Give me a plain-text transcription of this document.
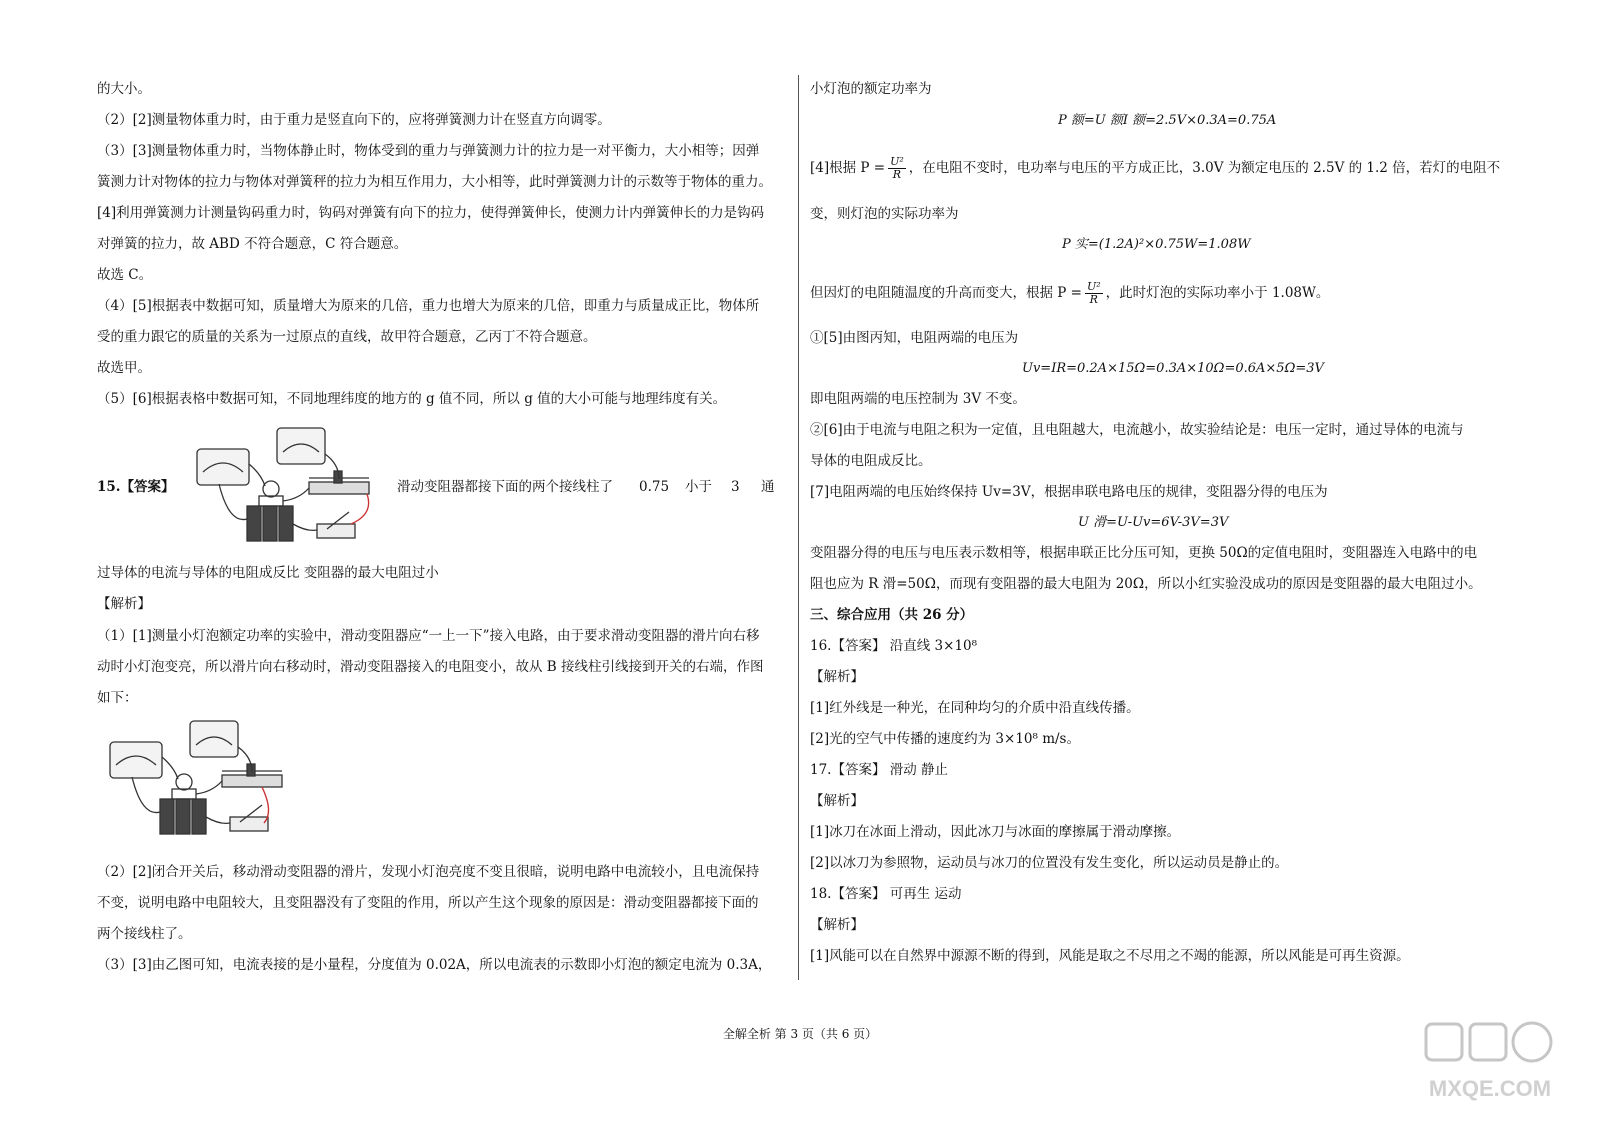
的大小。
（2）[2]测量物体重力时，由于重力是竖直向下的，应将弹簧测力计在竖直方向调零。
（3）[3]测量物体重力时，当物体静止时，物体受到的重力与弹簧测力计的拉力是一对平衡力，大小相等；因弹
簧测力计对物体的拉力与物体对弹簧秤的拉力为相互作用力，大小相等，此时弹簧测力计的示数等于物体的重力。
[4]利用弹簧测力计测量钩码重力时，钩码对弹簧有向下的拉力，使得弹簧伸长，使测力计内弹簧伸长的力是钩码
对弹簧的拉力，故 ABD 不符合题意，C 符合题意。
故选 C。
（4）[5]根据表中数据可知，质量增大为原来的几倍，重力也增大为原来的几倍，即重力与质量成正比，物体所
受的重力跟它的质量的关系为一过原点的直线，故甲符合题意，乙丙丁不符合题意。
故选甲。
（5）[6]根据表格中数据可知，不同地理纬度的地方的 g 值不同，所以 g 值的大小可能与地理纬度有关。
15.【答案】	滑动变阻器都接下面的两个接线柱了 0.75 小于 3 通
过导体的电流与导体的电阻成反比 变阻器的最大电阻过小
【解析】
（1）[1]测量小灯泡额定功率的实验中，滑动变阻器应“一上一下”接入电路，由于要求滑动变阻器的滑片向右移
动时小灯泡变亮，所以滑片向右移动时，滑动变阻器接入的电阻变小，故从 B 接线柱引线接到开关的右端，作图
如下：
（2）[2]闭合开关后，移动滑动变阻器的滑片，发现小灯泡亮度不变且很暗，说明电路中电流较小，且电流保持
不变，说明电路中电阻较大，且变阻器没有了变阻的作用，所以产生这个现象的原因是：滑动变阻器都接下面的
两个接线柱了。
（3）[3]由乙图可知，电流表接的是小量程，分度值为 0.02A，所以电流表的示数即小灯泡的额定电流为 0.3A，
小灯泡的额定功率为
P 额=U 额I 额=2.5V×0.3A=0.75A
[4]根据 $P = \frac{\text{U²}}{R}$ ，在电阻不变时，电功率与电压的平方成正比，3.0V 为额定电压的 2.5V 的 1.2 倍，若灯的电阻不
变，则灯泡的实际功率为
P 实=(1.2A)²×0.75W=1.08W
但因灯的电阻随温度的升高而变大，根据 $P = \frac{\text{U²}}{R}$ ，此时灯泡的实际功率小于 1.08W。
①[5]由图丙知，电阻两端的电压为
Uv=IR=0.2A×15Ω=0.3A×10Ω=0.6A×5Ω=3V
即电阻两端的电压控制为 3V 不变。
②[6]由于电流与电阻之积为一定值，且电阻越大，电流越小，故实验结论是：电压一定时，通过导体的电流与
导体的电阻成反比。
[7]电阻两端的电压始终保持 Uv=3V，根据串联电路电压的规律，变阻器分得的电压为
U 滑=U-Uv=6V-3V=3V
变阻器分得的电压与电压表示数相等，根据串联正比分压可知，更换 50Ω的定值电阻时，变阻器连入电路中的电
阻也应为 R 滑=50Ω，而现有变阻器的最大电阻为 20Ω，所以小红实验没成功的原因是变阻器的最大电阻过小。
三、综合应用（共 26 分）
16.【答案】 沿直线 3×10⁸
【解析】
[1]红外线是一种光，在同种均匀的介质中沿直线传播。
[2]光的空气中传播的速度约为 3×10⁸ m/s。
17.【答案】 滑动 静止
【解析】
[1]冰刀在冰面上滑动，因此冰刀与冰面的摩擦属于滑动摩擦。
[2]以冰刀为参照物，运动员与冰刀的位置没有发生变化，所以运动员是静止的。
18.【答案】 可再生 运动
【解析】
[1]风能可以在自然界中源源不断的得到，风能是取之不尽用之不竭的能源，所以风能是可再生资源。
全解全析 第 3 页（共 6 页）
MXQE.COM
